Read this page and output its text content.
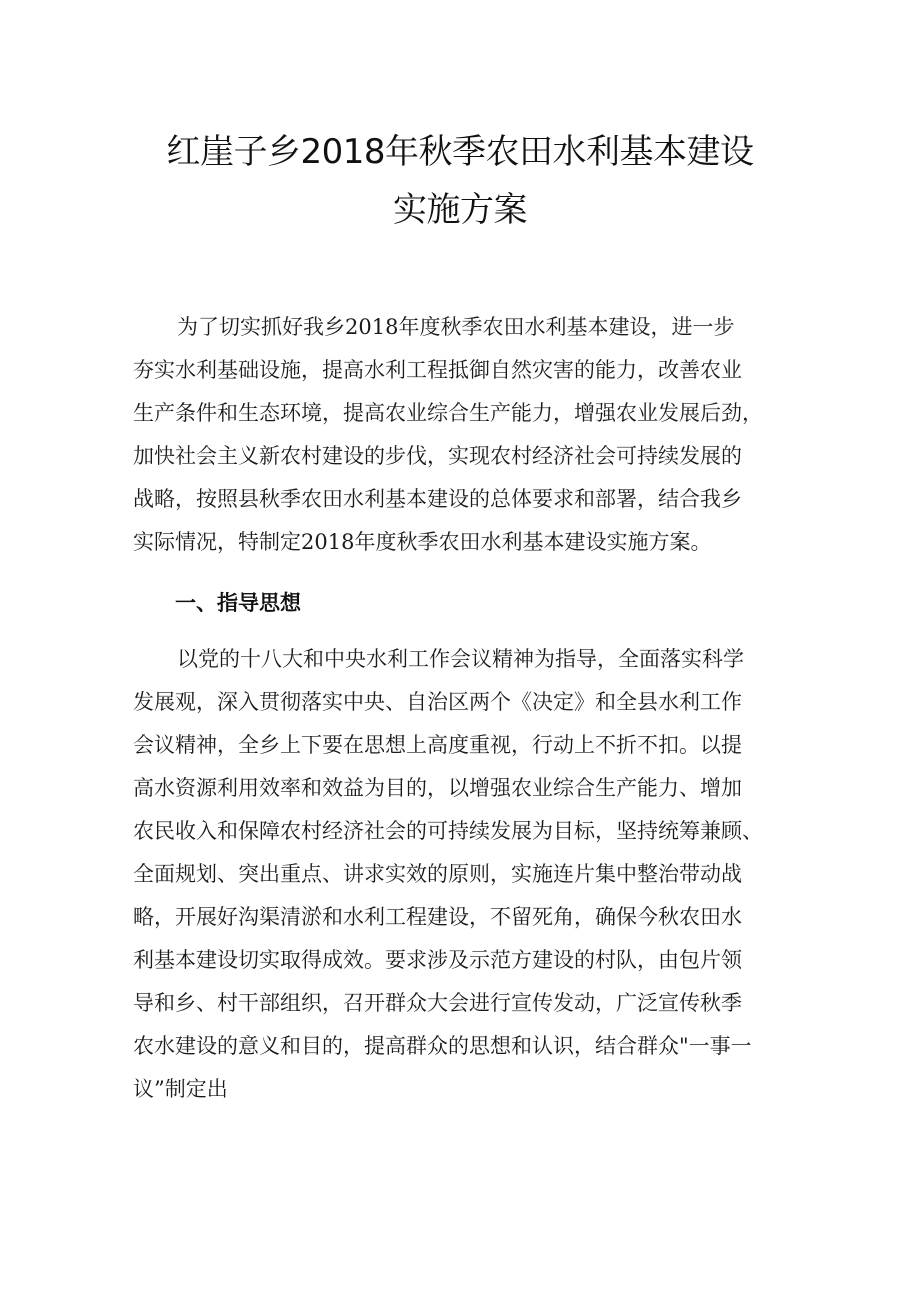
红崖子乡2018年秋季农田水利基本建设
实施方案
为了切实抓好我乡2018年度秋季农田水利基本建设，进一步
夯实水利基础设施，提高水利工程抵御自然灾害的能力，改善农业
生产条件和生态环境，提高农业综合生产能力，增强农业发展后劲，
加快社会主义新农村建设的步伐，实现农村经济社会可持续发展的
战略，按照县秋季农田水利基本建设的总体要求和部署，结合我乡
实际情况，特制定2018年度秋季农田水利基本建设实施方案。
一、指导思想
以党的十八大和中央水利工作会议精神为指导，全面落实科学
发展观，深入贯彻落实中央、自治区两个《决定》和全县水利工作
会议精神，全乡上下要在思想上高度重视，行动上不折不扣。以提
高水资源利用效率和效益为目的，以增强农业综合生产能力、增加
农民收入和保障农村经济社会的可持续发展为目标，坚持统筹兼顾、
全面规划、突出重点、讲求实效的原则，实施连片集中整治带动战
略，开展好沟渠清淤和水利工程建设，不留死角，确保今秋农田水
利基本建设切实取得成效。要求涉及示范方建设的村队，由包片领
导和乡、村干部组织，召开群众大会进行宣传发动，广泛宣传秋季
农水建设的意义和目的，提高群众的思想和认识，结合群众"一事一
议”制定出
